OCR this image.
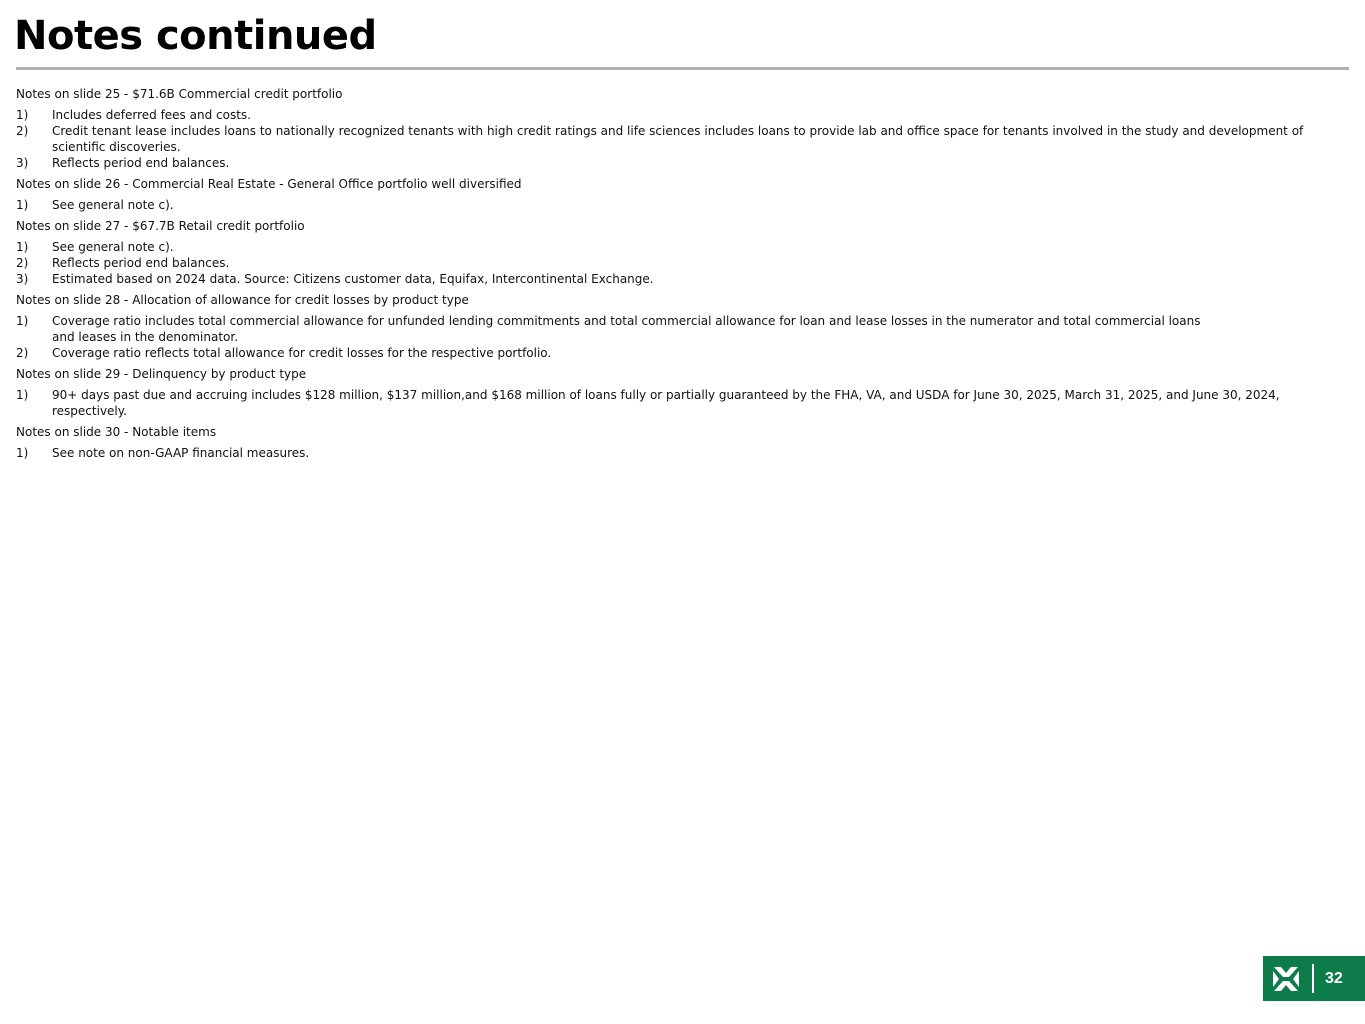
Notes continued

Notes on slide 25 - $71.6B Commercial credit portfolio

1)	Includes deferred fees and costs.
2)	Credit tenant lease includes loans to nationally recognized tenants with high credit ratings and life sciences includes loans to provide lab and office space for tenants involved in the study and development of scientific discoveries.
3)	Reflects period end balances.

Notes on slide 26 - Commercial Real Estate - General Office portfolio well diversified

1)	See general note c).

Notes on slide 27 - $67.7B Retail credit portfolio

1)	See general note c).
2)	Reflects period end balances.
3)	Estimated based on 2024 data. Source: Citizens customer data, Equifax, Intercontinental Exchange.

Notes on slide 28 - Allocation of allowance for credit losses by product type

1)	Coverage ratio includes total commercial allowance for unfunded lending commitments and total commercial allowance for loan and lease losses in the numerator and total commercial loans and leases in the denominator.
2)	Coverage ratio reflects total allowance for credit losses for the respective portfolio.

Notes on slide 29 - Delinquency by product type

1)	90+ days past due and accruing includes $128 million, $137 million,and $168 million of loans fully or partially guaranteed by the FHA, VA, and USDA for June 30, 2025, March 31, 2025, and June 30, 2024, respectively.

Notes on slide 30 - Notable items

1)	See note on non-GAAP financial measures.
32
